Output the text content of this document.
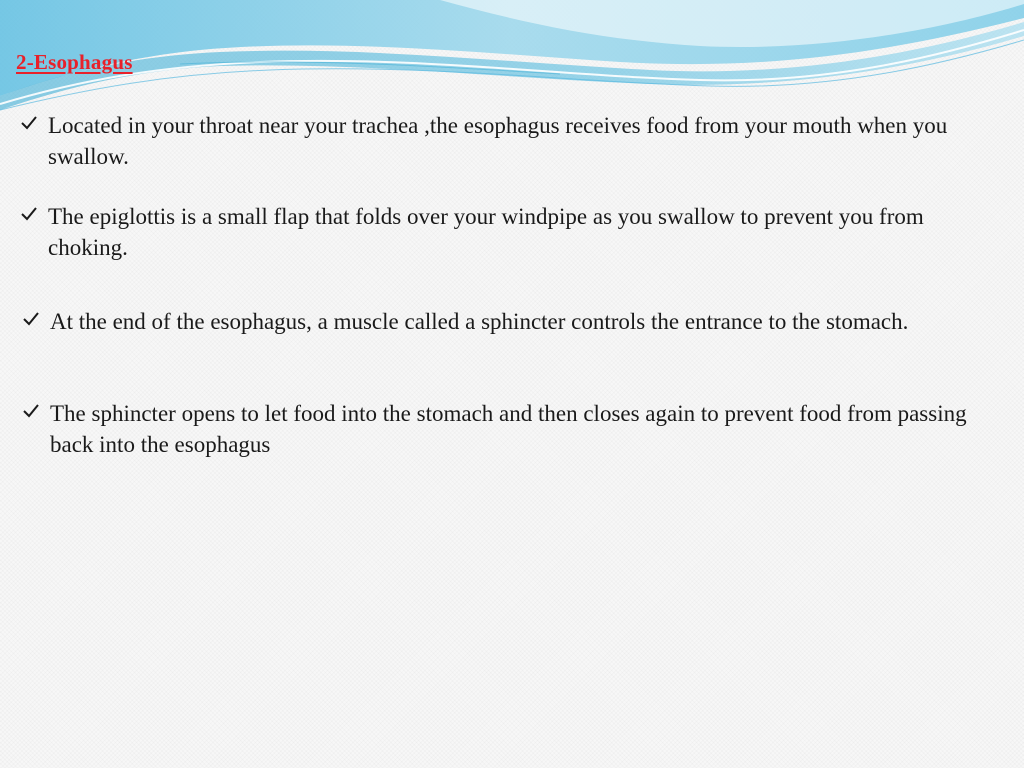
2-Esophagus
Located in your throat near your trachea ,the esophagus receives food from your mouth when you swallow.
The epiglottis is a small flap that folds over your windpipe as you swallow to prevent you from choking.
At the end of the esophagus, a muscle called a sphincter controls the entrance to the stomach.
The sphincter opens to let food into the stomach and then closes again to prevent food from passing back into the esophagus
